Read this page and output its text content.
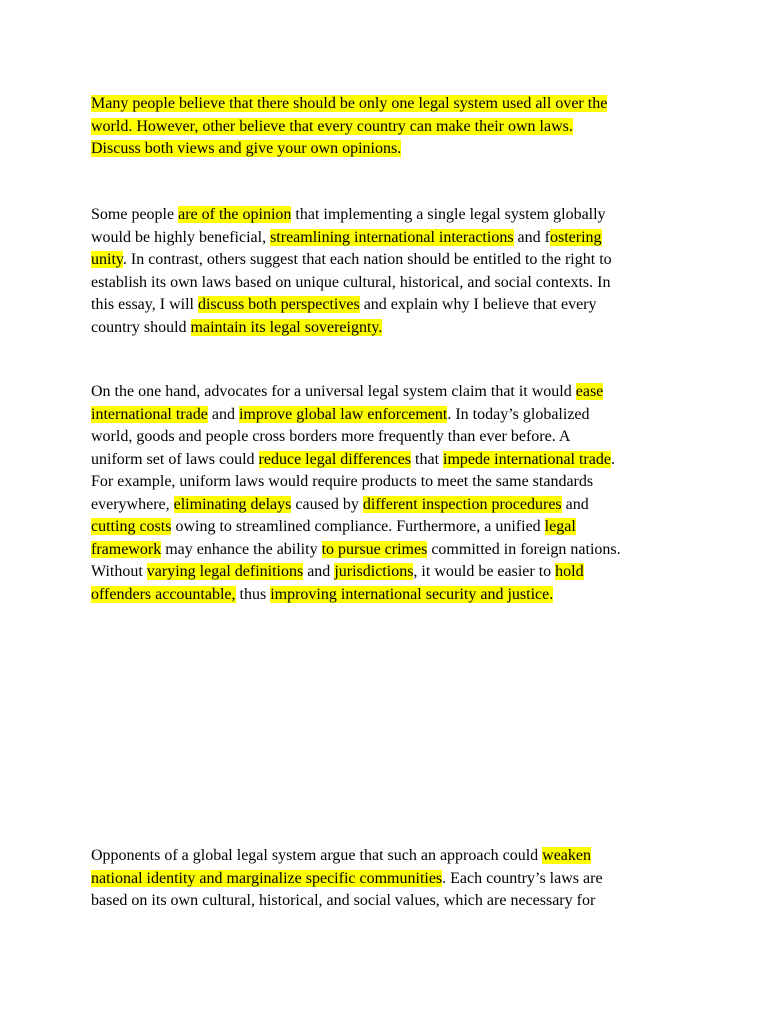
Many people believe that there should be only one legal system used all over the
world. However, other believe that every country can make their own laws.
Discuss both views and give your own opinions.

Some people are of the opinion that implementing a single legal system globally
would be highly beneficial, streamlining international interactions and fostering
unity. In contrast, others suggest that each nation should be entitled to the right to
establish its own laws based on unique cultural, historical, and social contexts. In
this essay, I will discuss both perspectives and explain why I believe that every
country should maintain its legal sovereignty.

On the one hand, advocates for a universal legal system claim that it would ease
international trade and improve global law enforcement. In today’s globalized
world, goods and people cross borders more frequently than ever before. A
uniform set of laws could reduce legal differences that impede international trade.
For example, uniform laws would require products to meet the same standards
everywhere, eliminating delays caused by different inspection procedures and
cutting costs owing to streamlined compliance. Furthermore, a unified legal
framework may enhance the ability to pursue crimes committed in foreign nations.
Without varying legal definitions and jurisdictions, it would be easier to hold
offenders accountable, thus improving international security and justice.

Opponents of a global legal system argue that such an approach could weaken
national identity and marginalize specific communities. Each country’s laws are
based on its own cultural, historical, and social values, which are necessary for
